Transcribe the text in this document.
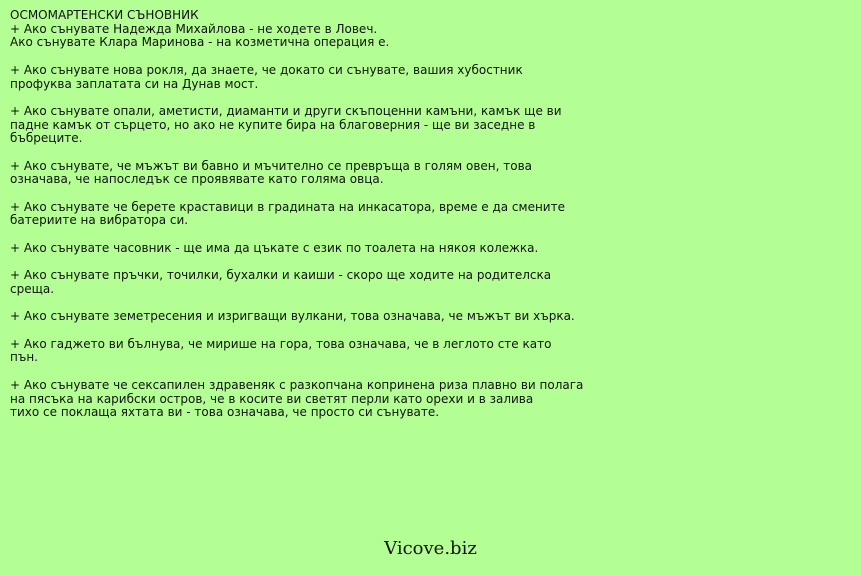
ОСМОМАРТЕНСКИ СЪНОВНИК
+ Ако сънувате Надежда Михайлова - не ходете в Ловеч.
Ако сънувате Клара Маринова - на козметична операция е.
+ Ако сънувате нова рокля, да знаете, че докато си сънувате, вашия хубостник
профуква заплатата си на Дунав мост.
+ Ако сънувате опали, аметисти, диаманти и други скъпоценни камъни, камък ще ви
падне камък от сърцето, но ако не купите бира на благоверния - ще ви заседне в
бъбреците.
+ Ако сънувате, че мъжът ви бавно и мъчително се превръща в голям овен, това
означава, че напоследък се проявявате като голяма овца.
+ Ако сънувате че берете краставици в градината на инкасатора, време е да смените
батериите на вибратора си.
+ Ако сънувате часовник - ще има да цъкате с език по тоалета на някоя колежка.
+ Ако сънувате пръчки, точилки, бухалки и каиши - скоро ще ходите на родителска
среща.
+ Ако сънувате земетресения и изригващи вулкани, това означава, че мъжът ви хърка.
+ Ако гаджето ви бълнува, че мирише на гора, това означава, че в леглото сте като
пън.
+ Ако сънувате че сексапилен здравеняк с разкопчана копринена риза плавно ви полага
на пясъка на карибски остров, че в косите ви светят перли като орехи и в залива
тихо се поклаща яхтата ви - това означава, че просто си сънувате.
Vicove.biz
